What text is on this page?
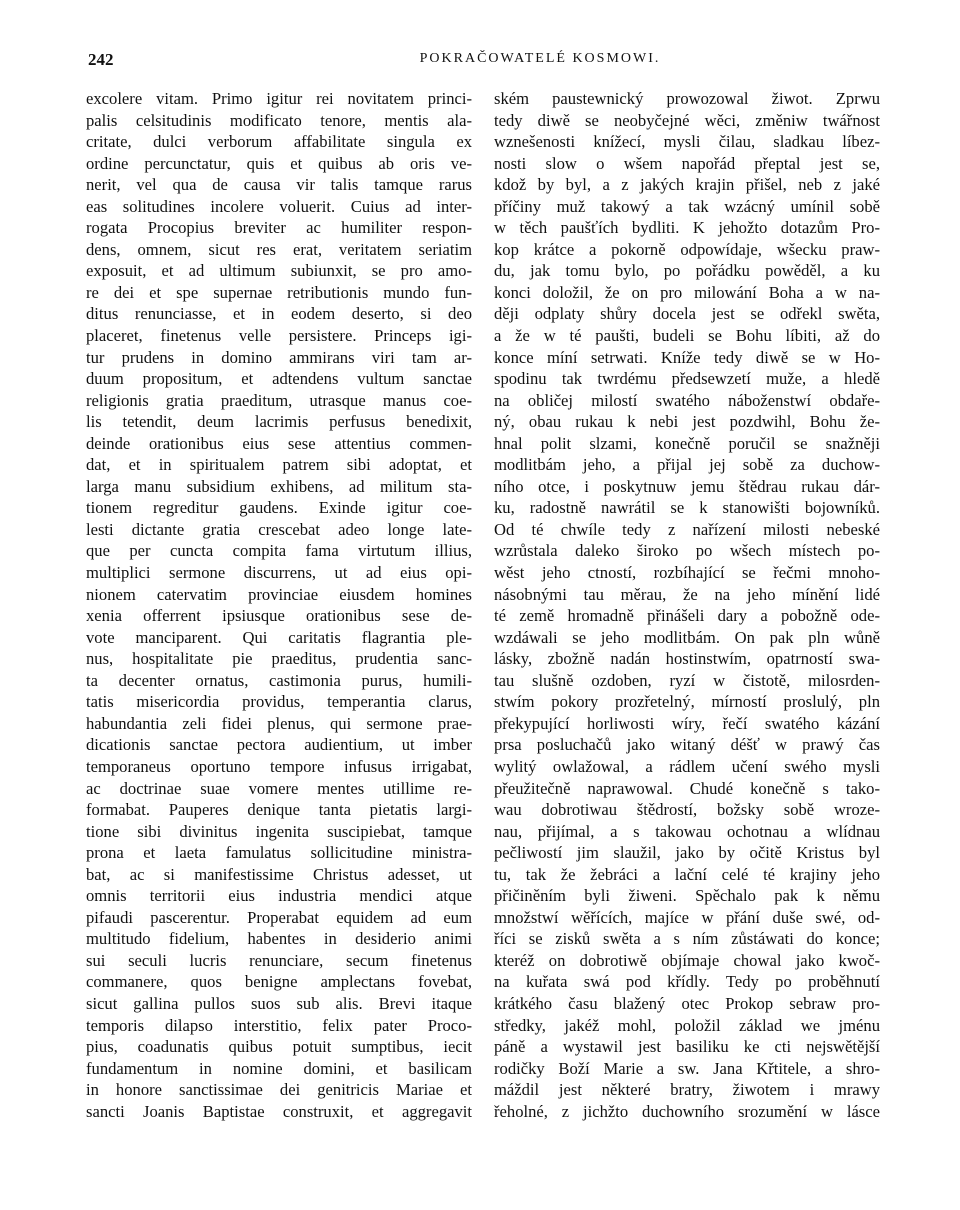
242	POKRAČOWATELÉ KOSMOWI.
excolere vitam. Primo igitur rei novitatem princi-
palis celsitudinis modificato tenore, mentis ala-
critate, dulci verborum affabilitate singula ex
ordine percunctatur, quis et quibus ab oris ve-
nerit, vel qua de causa vir talis tamque rarus
eas solitudines incolere voluerit. Cuius ad inter-
rogata Procopius breviter ac humiliter respon-
dens, omnem, sicut res erat, veritatem seriatim
exposuit, et ad ultimum subiunxit, se pro amo-
re dei et spe supernae retributionis mundo fun-
ditus renunciasse, et in eodem deserto, si deo
placeret, finetenus velle persistere. Princeps igi-
tur prudens in domino ammirans viri tam ar-
duum propositum, et adtendens vultum sanctae
religionis gratia praeditum, utrasque manus coe-
lis tetendit, deum lacrimis perfusus benedixit,
deinde orationibus eius sese attentius commen-
dat, et in spiritualem patrem sibi adoptat, et
larga manu subsidium exhibens, ad militum sta-
tionem regreditur gaudens. Exinde igitur coe-
lesti dictante gratia crescebat adeo longe late-
que per cuncta compita fama virtutum illius,
multiplici sermone discurrens, ut ad eius opi-
nionem catervatim provinciae eiusdem homines
xenia offerrent ipsiusque orationibus sese de-
vote manciparent. Qui caritatis flagrantia ple-
nus, hospitalitate pie praeditus, prudentia sanc-
ta decenter ornatus, castimonia purus, humili-
tatis misericordia providus, temperantia clarus,
habundantia zeli fidei plenus, qui sermone prae-
dicationis sanctae pectora audientium, ut imber
temporaneus oportuno tempore infusus irrigabat,
ac doctrinae suae vomere mentes utillime re-
formabat. Pauperes denique tanta pietatis largi-
tione sibi divinitus ingenita suscipiebat, tamque
prona et laeta famulatus sollicitudine ministra-
bat, ac si manifestissime Christus adesset, ut
omnis territorii eius industria mendici atque
pifaudi pascerentur. Properabat equidem ad eum
multitudo fidelium, habentes in desiderio animi
sui seculi lucris renunciare, secum finetenus
commanere, quos benigne amplectans fovebat,
sicut gallina pullos suos sub alis. Brevi itaque
temporis dilapso interstitio, felix pater Proco-
pius, coadunatis quibus potuit sumptibus, iecit
fundamentum in nomine domini, et basilicam
in honore sanctissimae dei genitricis Mariae et
sancti Joanis Baptistae construxit, et aggregavit
ském paustewnický prowozowal žiwot. Zprwu
tedy diwě se neobyčejné wěci, změniw twářnost
wznešenosti knížecí, mysli čilau, sladkau líbez-
nosti slow o wšem napořád přeptal jest se,
kdož by byl, a z jakých krajin přišel, neb z jaké
příčiny muž takowý a tak wzácný umínil sobě
w těch paušťích bydliti. K jehožto dotazům Pro-
kop krátce a pokorně odpowídaje, wšecku praw-
du, jak tomu bylo, po pořádku powěděl, a ku
konci doložil, že on pro milowání Boha a w na-
ději odplaty shůry docela jest se odřekl swěta,
a že w té paušti, budeli se Bohu líbiti, až do
konce míní setrwati. Kníže tedy diwě se w Ho-
spodinu tak twrdému předsewzetí muže, a hledě
na obličej milostí swatého náboženstwí obdaře-
ný, obau rukau k nebi jest pozdwihl, Bohu že-
hnal polit slzami, konečně poručil se snažněji
modlitbám jeho, a přijal jej sobě za duchow-
ního otce, i poskytnuw jemu štědrau rukau dár-
ku, radostně nawrátil se k stanowišti bojowníků.
Od té chwíle tedy z nařízení milosti nebeské
wzrůstala daleko široko po wšech místech po-
wěst jeho ctností, rozbíhající se řečmi mnoho-
násobnými tau měrau, že na jeho mínění lidé
té země hromadně přinášeli dary a pobožně ode-
wzdáwali se jeho modlitbám. On pak pln wůně
lásky, zbožně nadán hostinstwím, opatrností swa-
tau slušně ozdoben, ryzí w čistotě, milosrden-
stwím pokory prozřetelný, mírností proslulý, pln
překypující horliwosti wíry, řečí swatého kázání
prsa posluchačů jako witaný déšť w prawý čas
wylitý owlažowal, a rádlem učení swého mysli
přeužitečně naprawowal. Chudé konečně s tako-
wau dobrotiwau štědrostí, božsky sobě wroze-
nau, přijímal, a s takowau ochotnau a wlídnau
pečliwostí jim slaužil, jako by očitě Kristus byl
tu, tak že žebráci a lační celé té krajiny jeho
přičiněním byli žiweni. Spěchalo pak k němu
množstwí wěřících, majíce w přání duše swé, od-
říci se zisků swěta a s ním zůstáwati do konce;
kteréž on dobrotiwě objímaje chowal jako kwoč-
na kuřata swá pod křídly. Tedy po proběhnutí
krátkého času blažený otec Prokop sebraw pro-
středky, jakéž mohl, položil základ we jménu
páně a wystawil jest basiliku ke cti nejswětější
rodičky Boží Marie a sw. Jana Křtitele, a shro-
máždil jest některé bratry, žiwotem i mrawy
řeholné, z jichžto duchowního srozumění w lásce
